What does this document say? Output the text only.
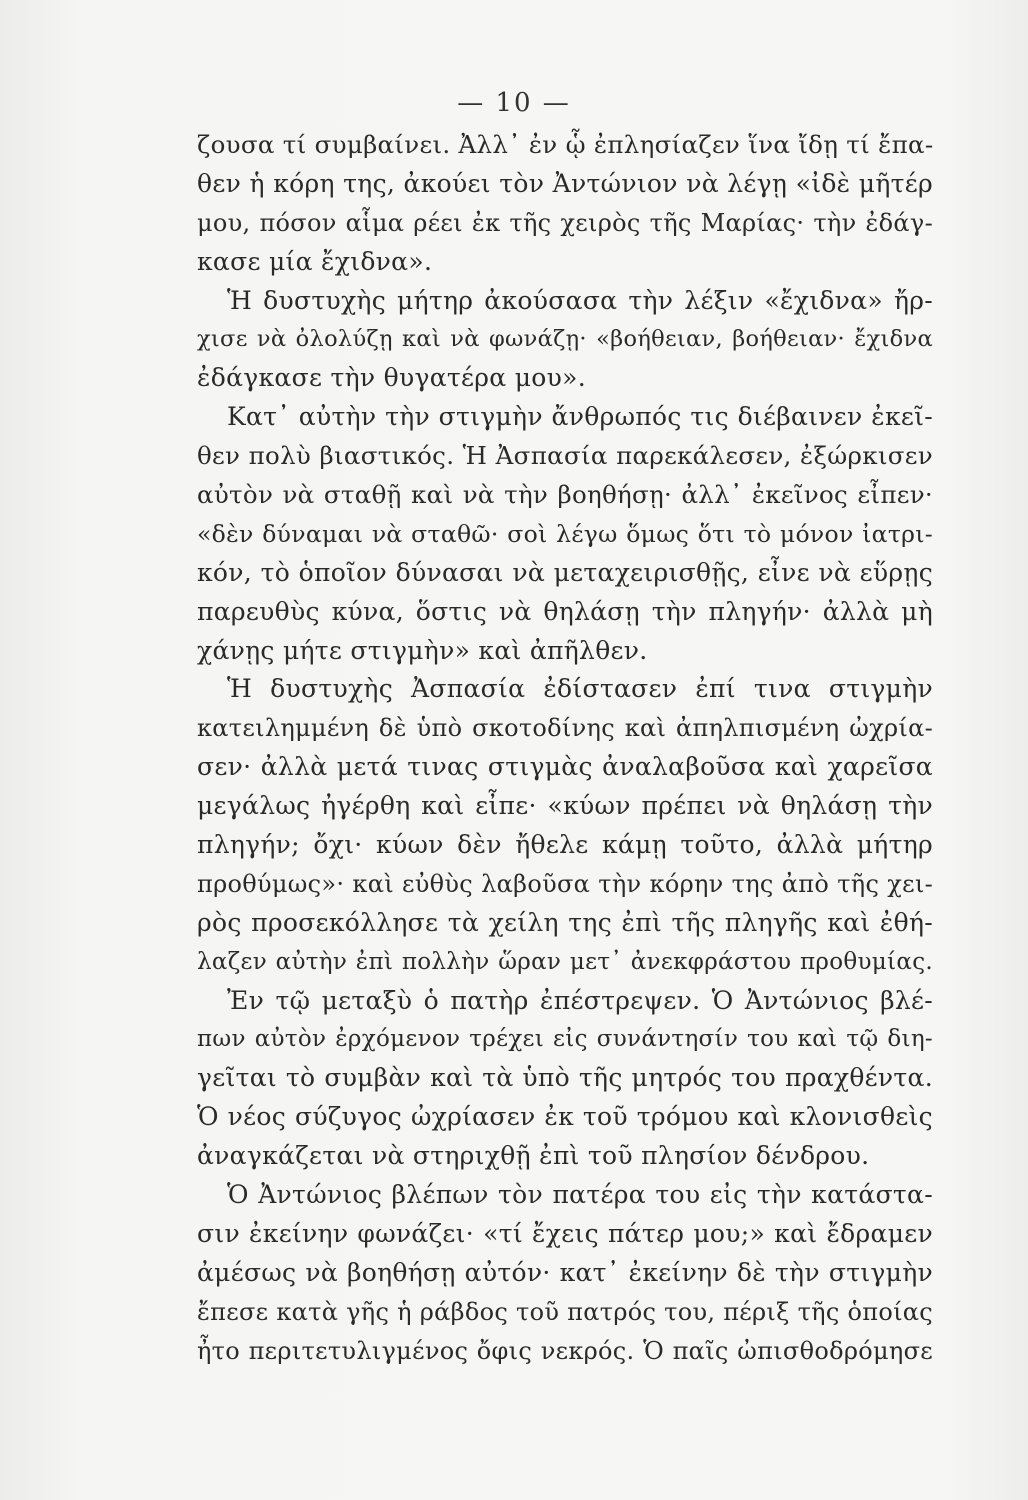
— 10 —
ζουσα τί συμβαίνει. Ἀλλ᾽ ἐν ᾧ ἐπλησίαζεν ἵνα ἴδῃ τί ἔπα-
θεν ἡ κόρη της, ἀκούει τὸν Ἀντώνιον νὰ λέγῃ «ἰδὲ μῆτέρ
μου, πόσον αἷμα ρέει ἐκ τῆς χειρὸς τῆς Μαρίας· τὴν ἐδάγ-
κασε μία ἔχιδνα».
Ἡ δυστυχὴς μήτηρ ἀκούσασα τὴν λέξιν «ἔχιδνα» ἤρ-
χισε νὰ ὀλολύζῃ καὶ νὰ φωνάζῃ· «βοήθειαν, βοήθειαν· ἔχιδνα
ἐδάγκασε τὴν θυγατέρα μου».
Κατ᾽ αὐτὴν τὴν στιγμὴν ἄνθρωπός τις διέβαινεν ἐκεῖ-
θεν πολὺ βιαστικός. Ἡ Ἀσπασία παρεκάλεσεν, ἐξώρκισεν
αὐτὸν νὰ σταθῇ καὶ νὰ τὴν βοηθήσῃ· ἀλλ᾽ ἐκεῖνος εἶπεν·
«δὲν δύναμαι νὰ σταθῶ· σοὶ λέγω ὅμως ὅτι τὸ μόνον ἰατρι-
κόν, τὸ ὁποῖον δύνασαι νὰ μεταχειρισθῇς, εἶνε νὰ εὕρῃς
παρευθὺς κύνα, ὅστις νὰ θηλάσῃ τὴν πληγήν· ἀλλὰ μὴ
χάνῃς μήτε στιγμὴν» καὶ ἀπῆλθεν.
Ἡ δυστυχὴς Ἀσπασία ἐδίστασεν ἐπί τινα στιγμὴν
κατειλημμένη δὲ ὑπὸ σκοτοδίνης καὶ ἀπηλπισμένη ὠχρία-
σεν· ἀλλὰ μετά τινας στιγμὰς ἀναλαβοῦσα καὶ χαρεῖσα
μεγάλως ἠγέρθη καὶ εἶπε· «κύων πρέπει νὰ θηλάσῃ τὴν
πληγήν; ὄχι· κύων δὲν ἤθελε κάμῃ τοῦτο, ἀλλὰ μήτηρ
προθύμως»· καὶ εὐθὺς λαβοῦσα τὴν κόρην της ἀπὸ τῆς χει-
ρὸς προσεκόλλησε τὰ χείλη της ἐπὶ τῆς πληγῆς καὶ ἐθή-
λαζεν αὐτὴν ἐπὶ πολλὴν ὥραν μετ᾽ ἀνεκφράστου προθυμίας.
Ἐν τῷ μεταξὺ ὁ πατὴρ ἐπέστρεψεν. Ὁ Ἀντώνιος βλέ-
πων αὐτὸν ἐρχόμενον τρέχει εἰς συνάντησίν του καὶ τῷ διη-
γεῖται τὸ συμβὰν καὶ τὰ ὑπὸ τῆς μητρός του πραχθέντα.
Ὁ νέος σύζυγος ὠχρίασεν ἐκ τοῦ τρόμου καὶ κλονισθεὶς
ἀναγκάζεται νὰ στηριχθῇ ἐπὶ τοῦ πλησίον δένδρου.
Ὁ Ἀντώνιος βλέπων τὸν πατέρα του εἰς τὴν κατάστα-
σιν ἐκείνην φωνάζει· «τί ἔχεις πάτερ μου;» καὶ ἔδραμεν
ἀμέσως νὰ βοηθήσῃ αὐτόν· κατ᾽ ἐκείνην δὲ τὴν στιγμὴν
ἔπεσε κατὰ γῆς ἡ ράβδος τοῦ πατρός του, πέριξ τῆς ὁποίας
ἦτο περιτετυλιγμένος ὄφις νεκρός. Ὁ παῖς ὠπισθοδρόμησε
